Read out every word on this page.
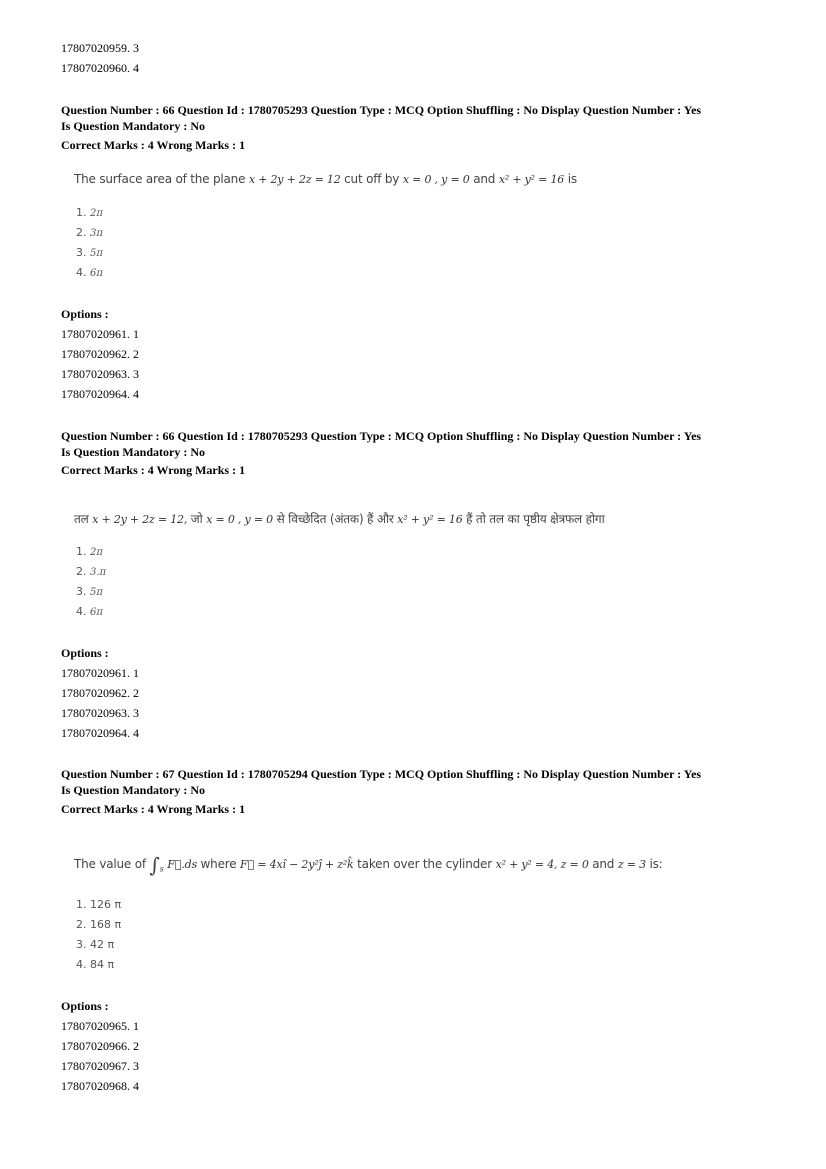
17807020959. 3
17807020960. 4
Question Number : 66 Question Id : 1780705293 Question Type : MCQ Option Shuffling : No Display Question Number : Yes
Is Question Mandatory : No
Correct Marks : 4 Wrong Marks : 1
The surface area of the plane x + 2y + 2z = 12 cut off by x = 0 , y = 0 and x² + y² = 16 is
1. 2π
2. 3π
3. 5π
4. 6π
Options :
17807020961. 1
17807020962. 2
17807020963. 3
17807020964. 4
Question Number : 66 Question Id : 1780705293 Question Type : MCQ Option Shuffling : No Display Question Number : Yes
Is Question Mandatory : No
Correct Marks : 4 Wrong Marks : 1
तल x + 2y + 2z = 12, जो x = 0 , y = 0 से विच्छेदित (अंतक) हैं और x² + y² = 16 हैं तो तल का पृष्ठीय क्षेत्रफल होगा
1. 2π
2. 3.π
3. 5π
4. 6π
Options :
17807020961. 1
17807020962. 2
17807020963. 3
17807020964. 4
Question Number : 67 Question Id : 1780705294 Question Type : MCQ Option Shuffling : No Display Question Number : Yes
Is Question Mandatory : No
Correct Marks : 4 Wrong Marks : 1
The value of $\int_s$ F⃗.ds where F⃗ = 4xî − 2y²ĵ + z²k̂ taken over the cylinder x² + y² = 4, z = 0 and z = 3 is:
1. 126 π
2. 168 π
3. 42 π
4. 84 π
Options :
17807020965. 1
17807020966. 2
17807020967. 3
17807020968. 4
